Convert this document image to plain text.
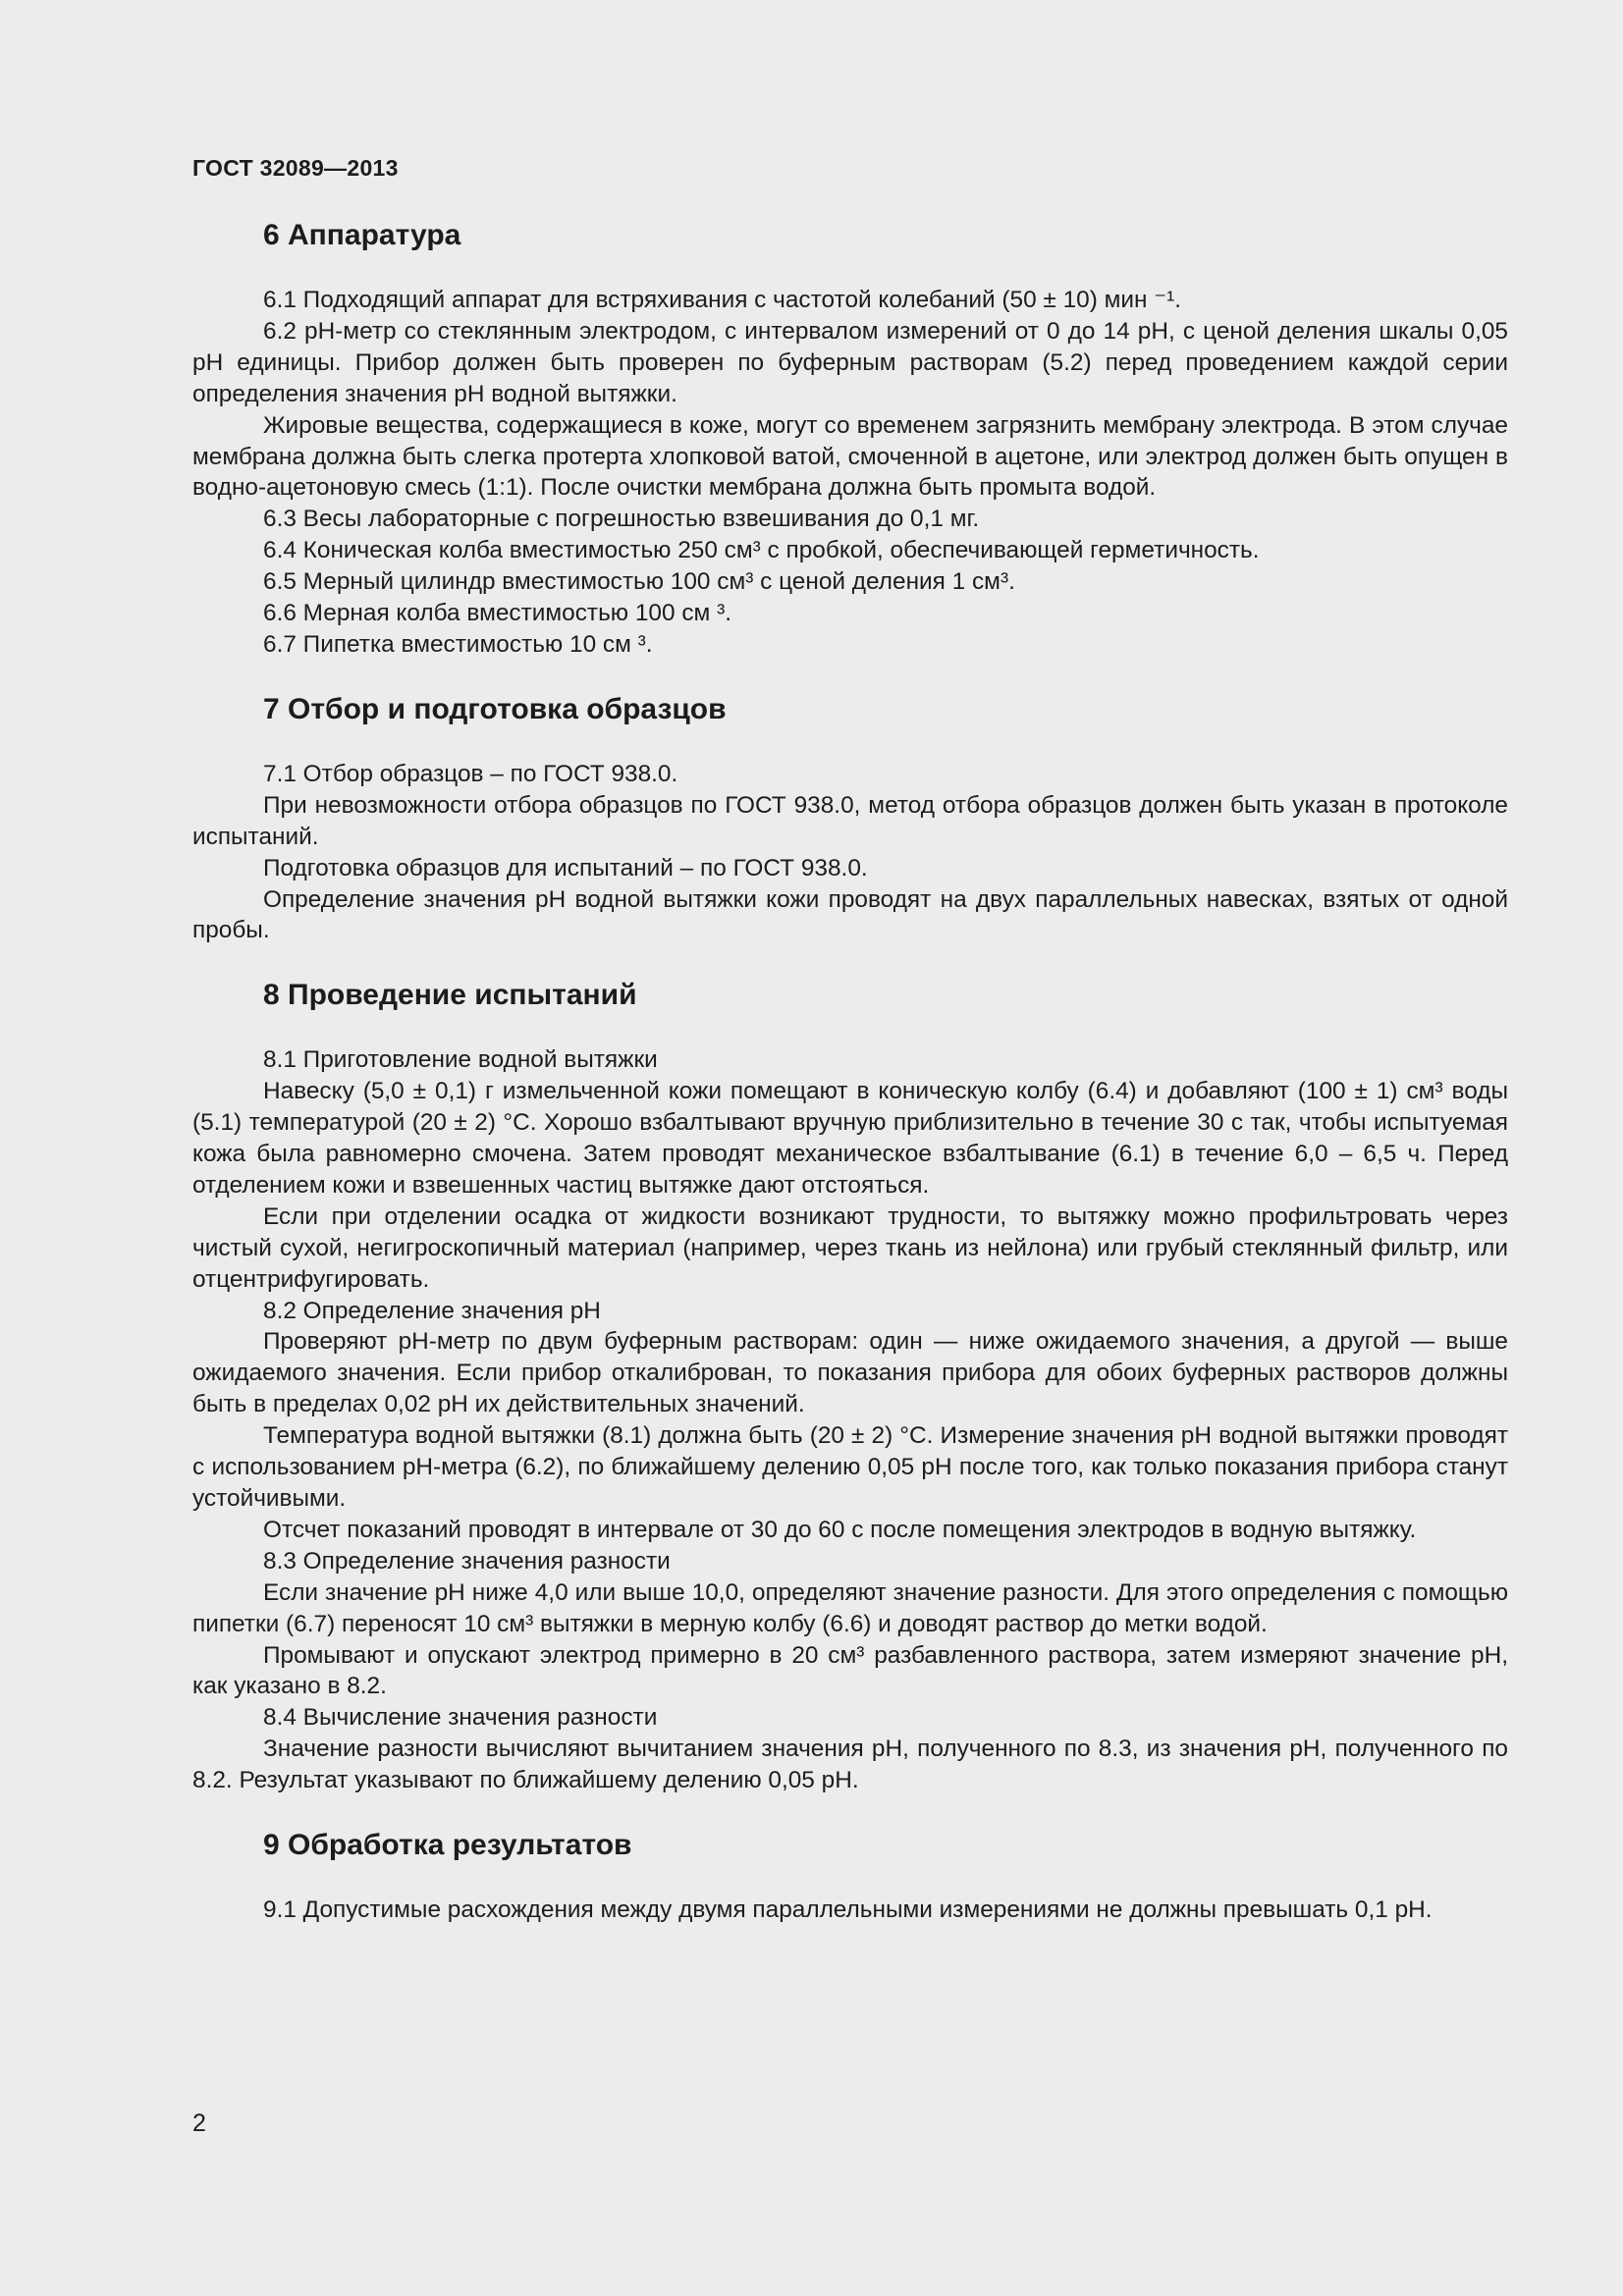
ГОСТ 32089—2013

6 Аппаратура

6.1 Подходящий аппарат для встряхивания с частотой колебаний (50 ± 10) мин ⁻¹.

6.2 рН-метр со стеклянным электродом, с интервалом измерений от 0 до 14 рН, с ценой деления шкалы 0,05 рН единицы. Прибор должен быть проверен по буферным растворам (5.2) перед проведением каждой серии определения значения рН водной вытяжки.

Жировые вещества, содержащиеся в коже, могут со временем загрязнить мембрану электрода. В этом случае мембрана должна быть слегка протерта хлопковой ватой, смоченной в ацетоне, или электрод должен быть опущен в водно-ацетоновую смесь (1:1). После очистки мембрана должна быть промыта водой.

6.3 Весы лабораторные с погрешностью взвешивания до 0,1 мг.

6.4 Коническая колба вместимостью 250 см³ с пробкой, обеспечивающей герметичность.

6.5 Мерный цилиндр вместимостью 100 см³ с ценой деления 1 см³.

6.6 Мерная колба вместимостью 100 см ³.

6.7 Пипетка вместимостью 10 см ³.

7 Отбор и подготовка образцов

7.1 Отбор образцов – по ГОСТ 938.0.

При невозможности отбора образцов по ГОСТ 938.0, метод отбора образцов должен быть указан в протоколе испытаний.

Подготовка образцов для испытаний – по ГОСТ 938.0.

Определение значения рН водной вытяжки кожи проводят на двух параллельных навесках, взятых от одной пробы.

8 Проведение испытаний

8.1 Приготовление водной вытяжки

Навеску (5,0 ± 0,1) г измельченной кожи помещают в коническую колбу (6.4) и добавляют (100 ± 1) см³ воды (5.1) температурой (20 ± 2) °С. Хорошо взбалтывают вручную приблизительно в течение 30 с так, чтобы испытуемая кожа была равномерно смочена. Затем проводят механическое взбалтывание (6.1) в течение 6,0 – 6,5 ч. Перед отделением кожи и взвешенных частиц вытяжке дают отстояться.

Если при отделении осадка от жидкости возникают трудности, то вытяжку можно профильтровать через чистый сухой, негигроскопичный материал (например, через ткань из нейлона) или грубый стеклянный фильтр, или отцентрифугировать.

8.2 Определение значения рН

Проверяют рН-метр по двум буферным растворам: один — ниже ожидаемого значения, а другой — выше ожидаемого значения. Если прибор откалиброван, то показания прибора для обоих буферных растворов должны быть в пределах 0,02 рН их действительных значений.

Температура водной вытяжки (8.1) должна быть (20 ± 2) °С. Измерение значения рН водной вытяжки проводят с использованием рН-метра (6.2), по ближайшему делению 0,05 рН после того, как только показания прибора станут устойчивыми.

Отсчет показаний проводят в интервале от 30 до 60 с после помещения электродов в водную вытяжку.

8.3 Определение значения разности

Если значение рН ниже 4,0 или выше 10,0, определяют значение разности. Для этого определения с помощью пипетки (6.7) переносят 10 см³ вытяжки в мерную колбу (6.6) и доводят раствор до метки водой.

Промывают и опускают электрод примерно в 20 см³ разбавленного раствора, затем измеряют значение рН, как указано в 8.2.

8.4 Вычисление значения разности

Значение разности вычисляют вычитанием значения рН, полученного по 8.3, из значения рН, полученного по 8.2. Результат указывают по ближайшему делению 0,05 рН.

9 Обработка результатов

9.1 Допустимые расхождения между двумя параллельными измерениями не должны превышать 0,1 рН.

2
